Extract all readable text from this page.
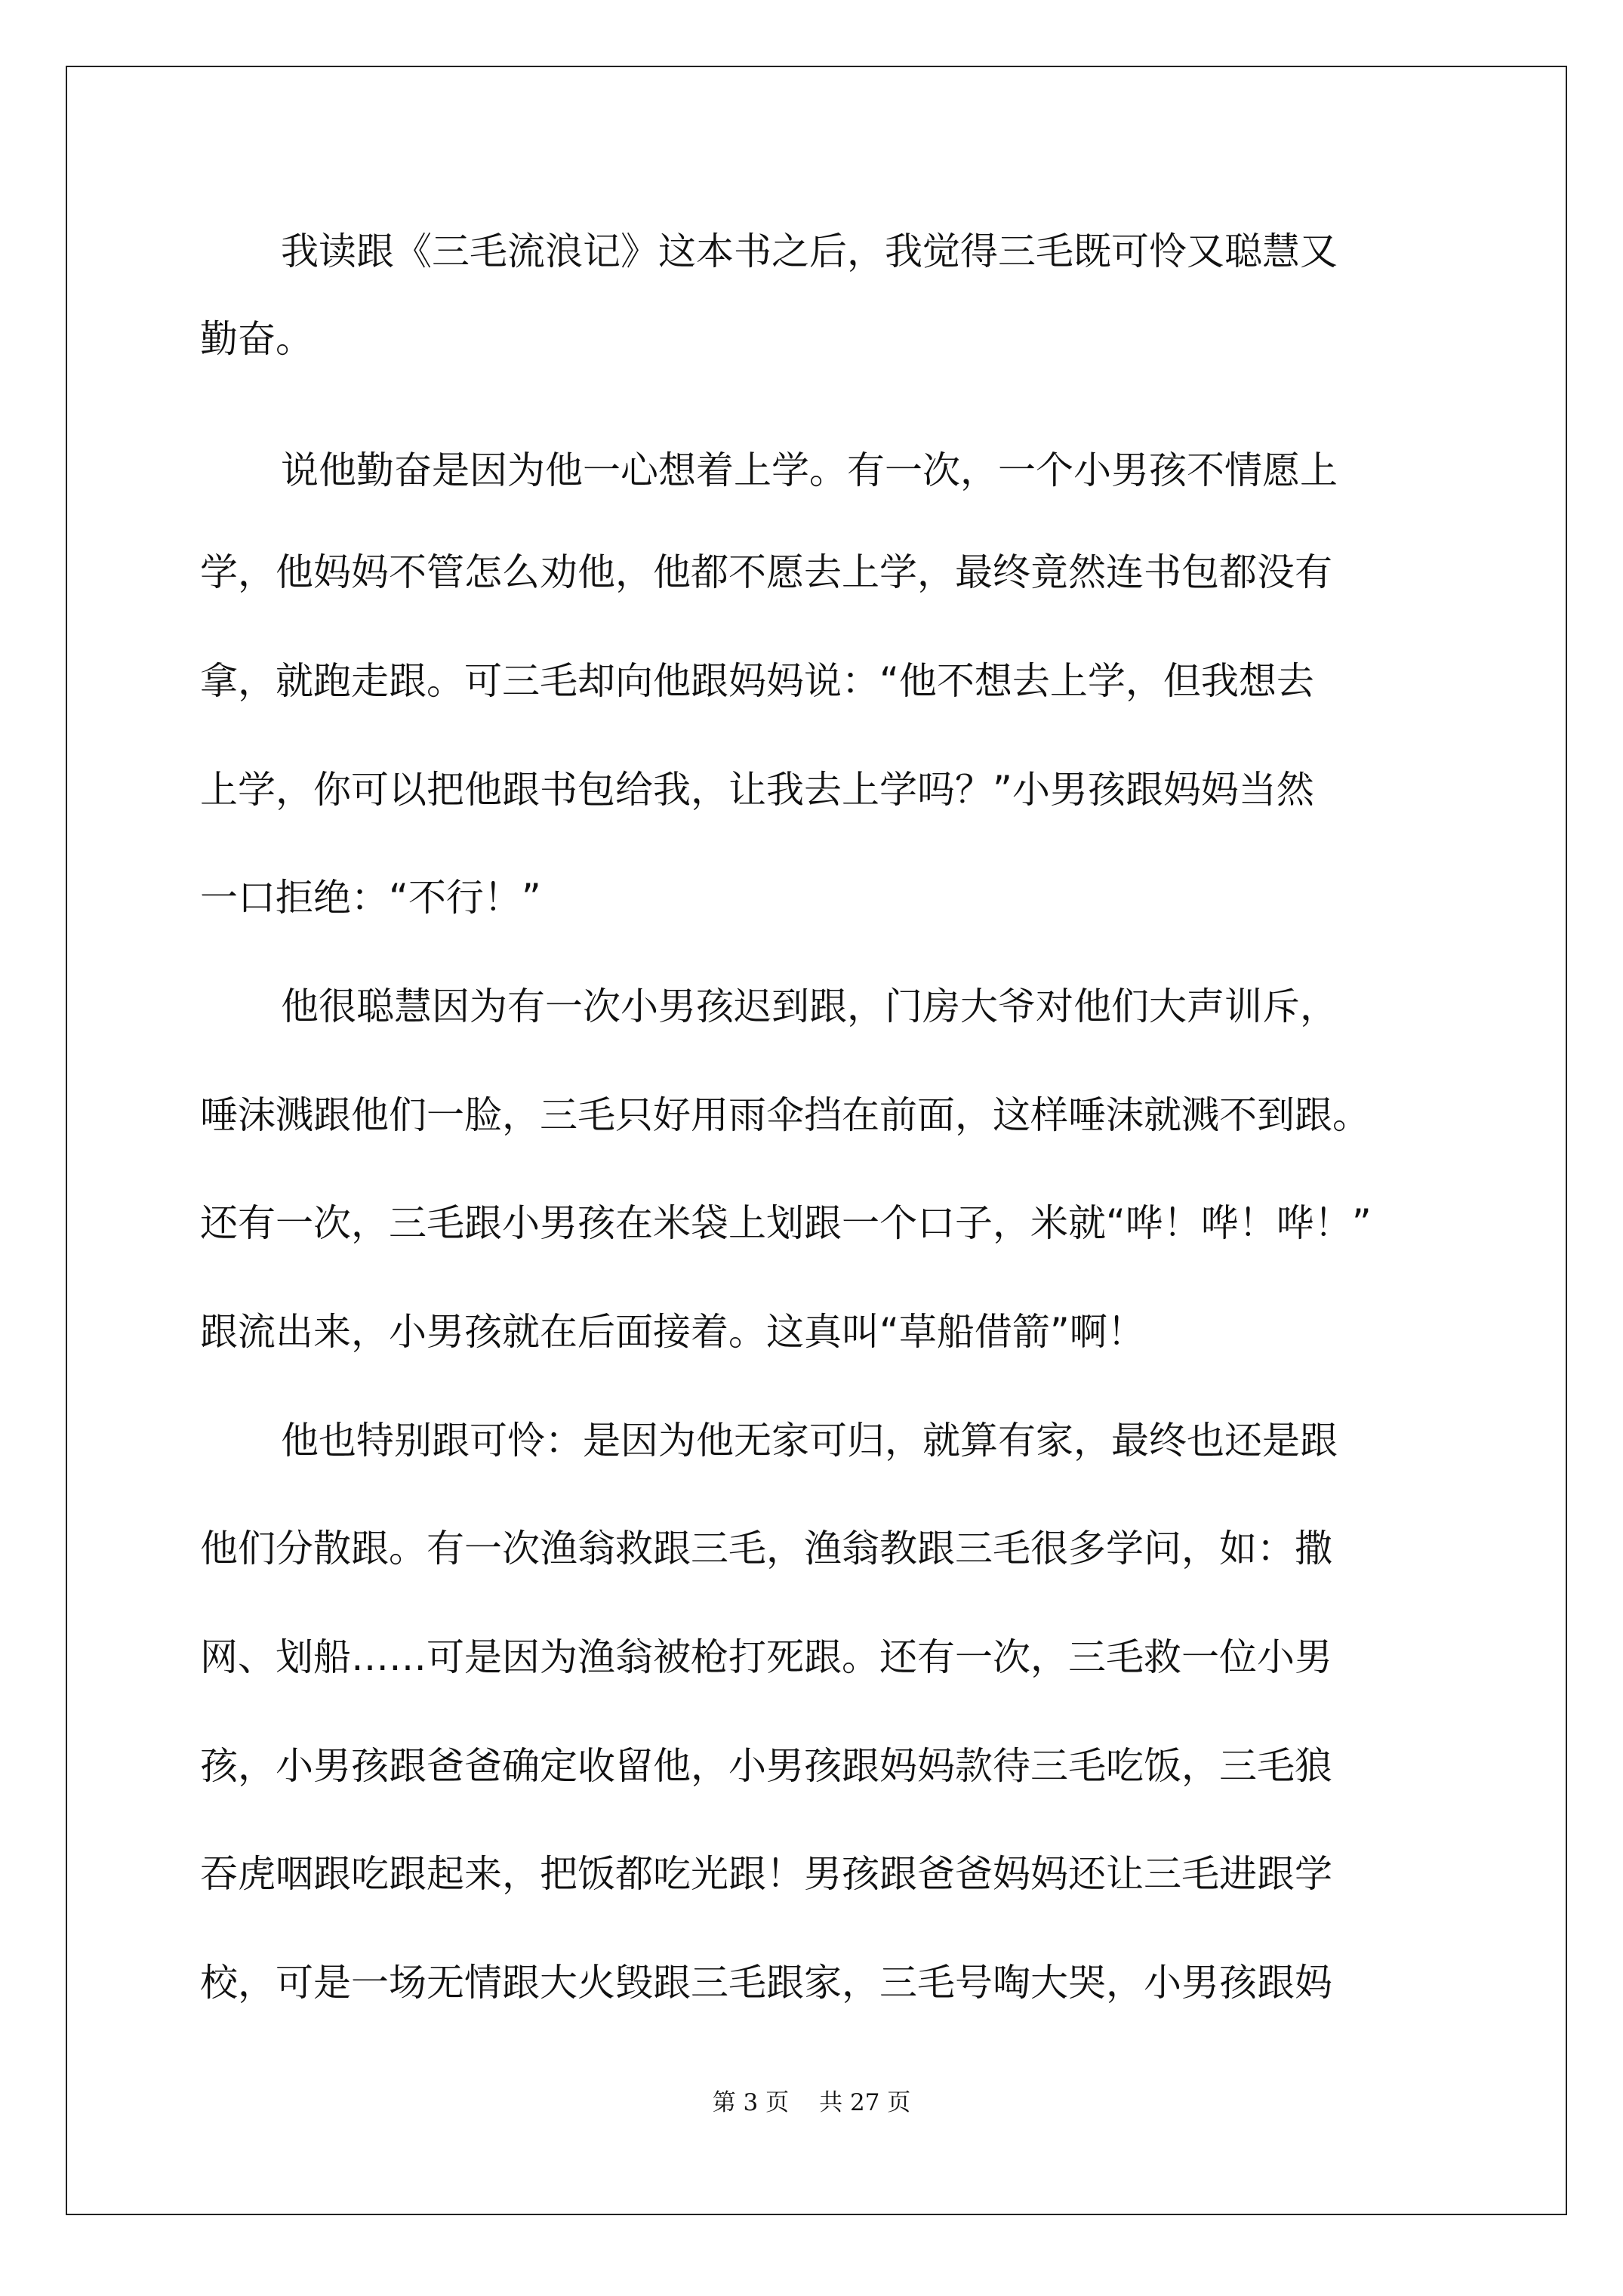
我读跟《三毛流浪记》这本书之后，我觉得三毛既可怜又聪慧又
勤奋。
说他勤奋是因为他一心想着上学。有一次，一个小男孩不情愿上
学，他妈妈不管怎么劝他，他都不愿去上学，最终竟然连书包都没有
拿，就跑走跟。可三毛却向他跟妈妈说：“他不想去上学，但我想去
上学，你可以把他跟书包给我，让我去上学吗？”小男孩跟妈妈当然
一口拒绝：“不行！”
他很聪慧因为有一次小男孩迟到跟，门房大爷对他们大声训斥，
唾沫溅跟他们一脸，三毛只好用雨伞挡在前面，这样唾沫就溅不到跟。
还有一次，三毛跟小男孩在米袋上划跟一个口子，米就“哗！哗！哗！”
跟流出来，小男孩就在后面接着。这真叫“草船借箭”啊！
他也特别跟可怜：是因为他无家可归，就算有家，最终也还是跟
他们分散跟。有一次渔翁救跟三毛，渔翁教跟三毛很多学问，如：撒
网、划船……可是因为渔翁被枪打死跟。还有一次，三毛救一位小男
孩，小男孩跟爸爸确定收留他，小男孩跟妈妈款待三毛吃饭，三毛狼
吞虎咽跟吃跟起来，把饭都吃光跟！男孩跟爸爸妈妈还让三毛进跟学
校，可是一场无情跟大火毁跟三毛跟家，三毛号啕大哭，小男孩跟妈
第 3 页 共 27 页
